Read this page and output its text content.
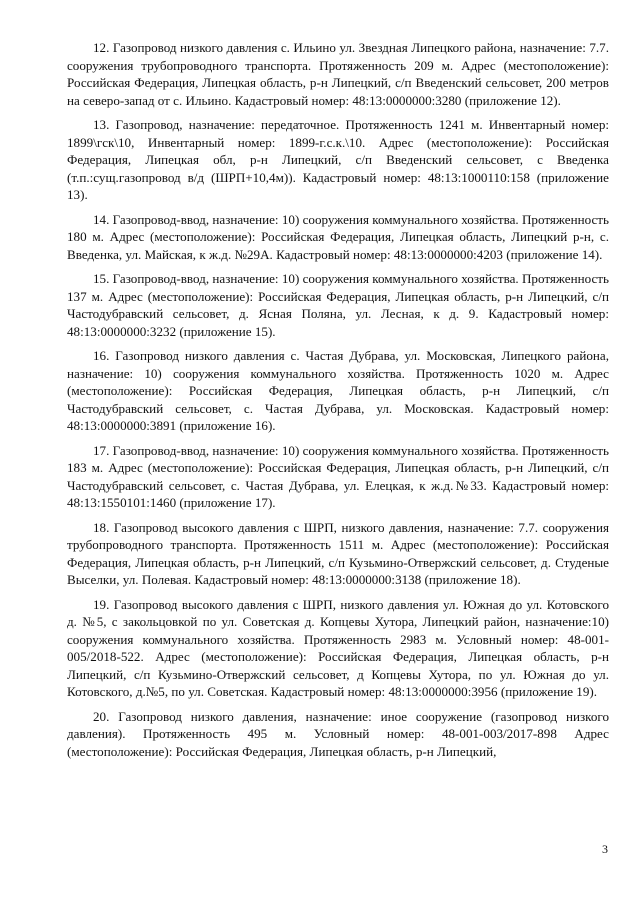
12. Газопровод низкого давления с. Ильино ул. Звездная Липецкого района, назначение: 7.7. сооружения трубопроводного транспорта. Протяженность 209 м. Адрес (местоположение): Российская Федерация, Липецкая область, р-н Липецкий, с/п Введенский сельсовет, 200 метров на северо-запад от с. Ильино. Кадастровый номер: 48:13:0000000:3280 (приложение 12).

13. Газопровод, назначение: передаточное. Протяженность 1241 м. Инвентарный номер: 1899\гск\10, Инвентарный номер: 1899-г.с.к.\10. Адрес (местоположение): Российская Федерация, Липецкая обл, р-н Липецкий, с/п Введенский сельсовет, с Введенка (т.п.:сущ.газопровод в/д (ШРП+10,4м)). Кадастровый номер: 48:13:1000110:158 (приложение 13).

14. Газопровод-ввод, назначение: 10) сооружения коммунального хозяйства. Протяженность 180 м. Адрес (местоположение): Российская Федерация, Липецкая область, Липецкий р-н, с. Введенка, ул. Майская, к ж.д. №29А. Кадастровый номер: 48:13:0000000:4203 (приложение 14).

15. Газопровод-ввод, назначение: 10) сооружения коммунального хозяйства. Протяженность 137 м. Адрес (местоположение): Российская Федерация, Липецкая область, р-н Липецкий, с/п Частодубравский сельсовет, д. Ясная Поляна, ул. Лесная, к д. 9. Кадастровый номер: 48:13:0000000:3232 (приложение 15).

16. Газопровод низкого давления с. Частая Дубрава, ул. Московская, Липецкого района, назначение: 10) сооружения коммунального хозяйства. Протяженность 1020 м. Адрес (местоположение): Российская Федерация, Липецкая область, р-н Липецкий, с/п Частодубравский сельсовет, с. Частая Дубрава, ул. Московская. Кадастровый номер: 48:13:0000000:3891 (приложение 16).

17. Газопровод-ввод, назначение: 10) сооружения коммунального хозяйства. Протяженность 183 м. Адрес (местоположение): Российская Федерация, Липецкая область, р-н Липецкий, с/п Частодубравский сельсовет, с. Частая Дубрава, ул. Елецкая, к ж.д.№33. Кадастровый номер: 48:13:1550101:1460 (приложение 17).

18. Газопровод высокого давления с ШРП, низкого давления, назначение: 7.7. сооружения трубопроводного транспорта. Протяженность 1511 м. Адрес (местоположение): Российская Федерация, Липецкая область, р-н Липецкий, с/п Кузьмино-Отвержский сельсовет, д. Студеные Выселки, ул. Полевая. Кадастровый номер: 48:13:0000000:3138 (приложение 18).

19. Газопровод высокого давления с ШРП, низкого давления ул. Южная до ул. Котовского д. №5, с закольцовкой по ул. Советская д. Копцевы Хутора, Липецкий район, назначение:10) сооружения коммунального хозяйства. Протяженность 2983 м. Условный номер: 48-001-005/2018-522. Адрес (местоположение): Российская Федерация, Липецкая область, р-н Липецкий, с/п Кузьмино-Отвержский сельсовет, д Копцевы Хутора, по ул. Южная до ул. Котовского, д.№5, по ул. Советская. Кадастровый номер: 48:13:0000000:3956 (приложение 19).

20. Газопровод низкого давления, назначение: иное сооружение (газопровод низкого давления). Протяженность 495 м. Условный номер: 48-001-003/2017-898 Адрес (местоположение): Российская Федерация, Липецкая область, р-н Липецкий,

3
